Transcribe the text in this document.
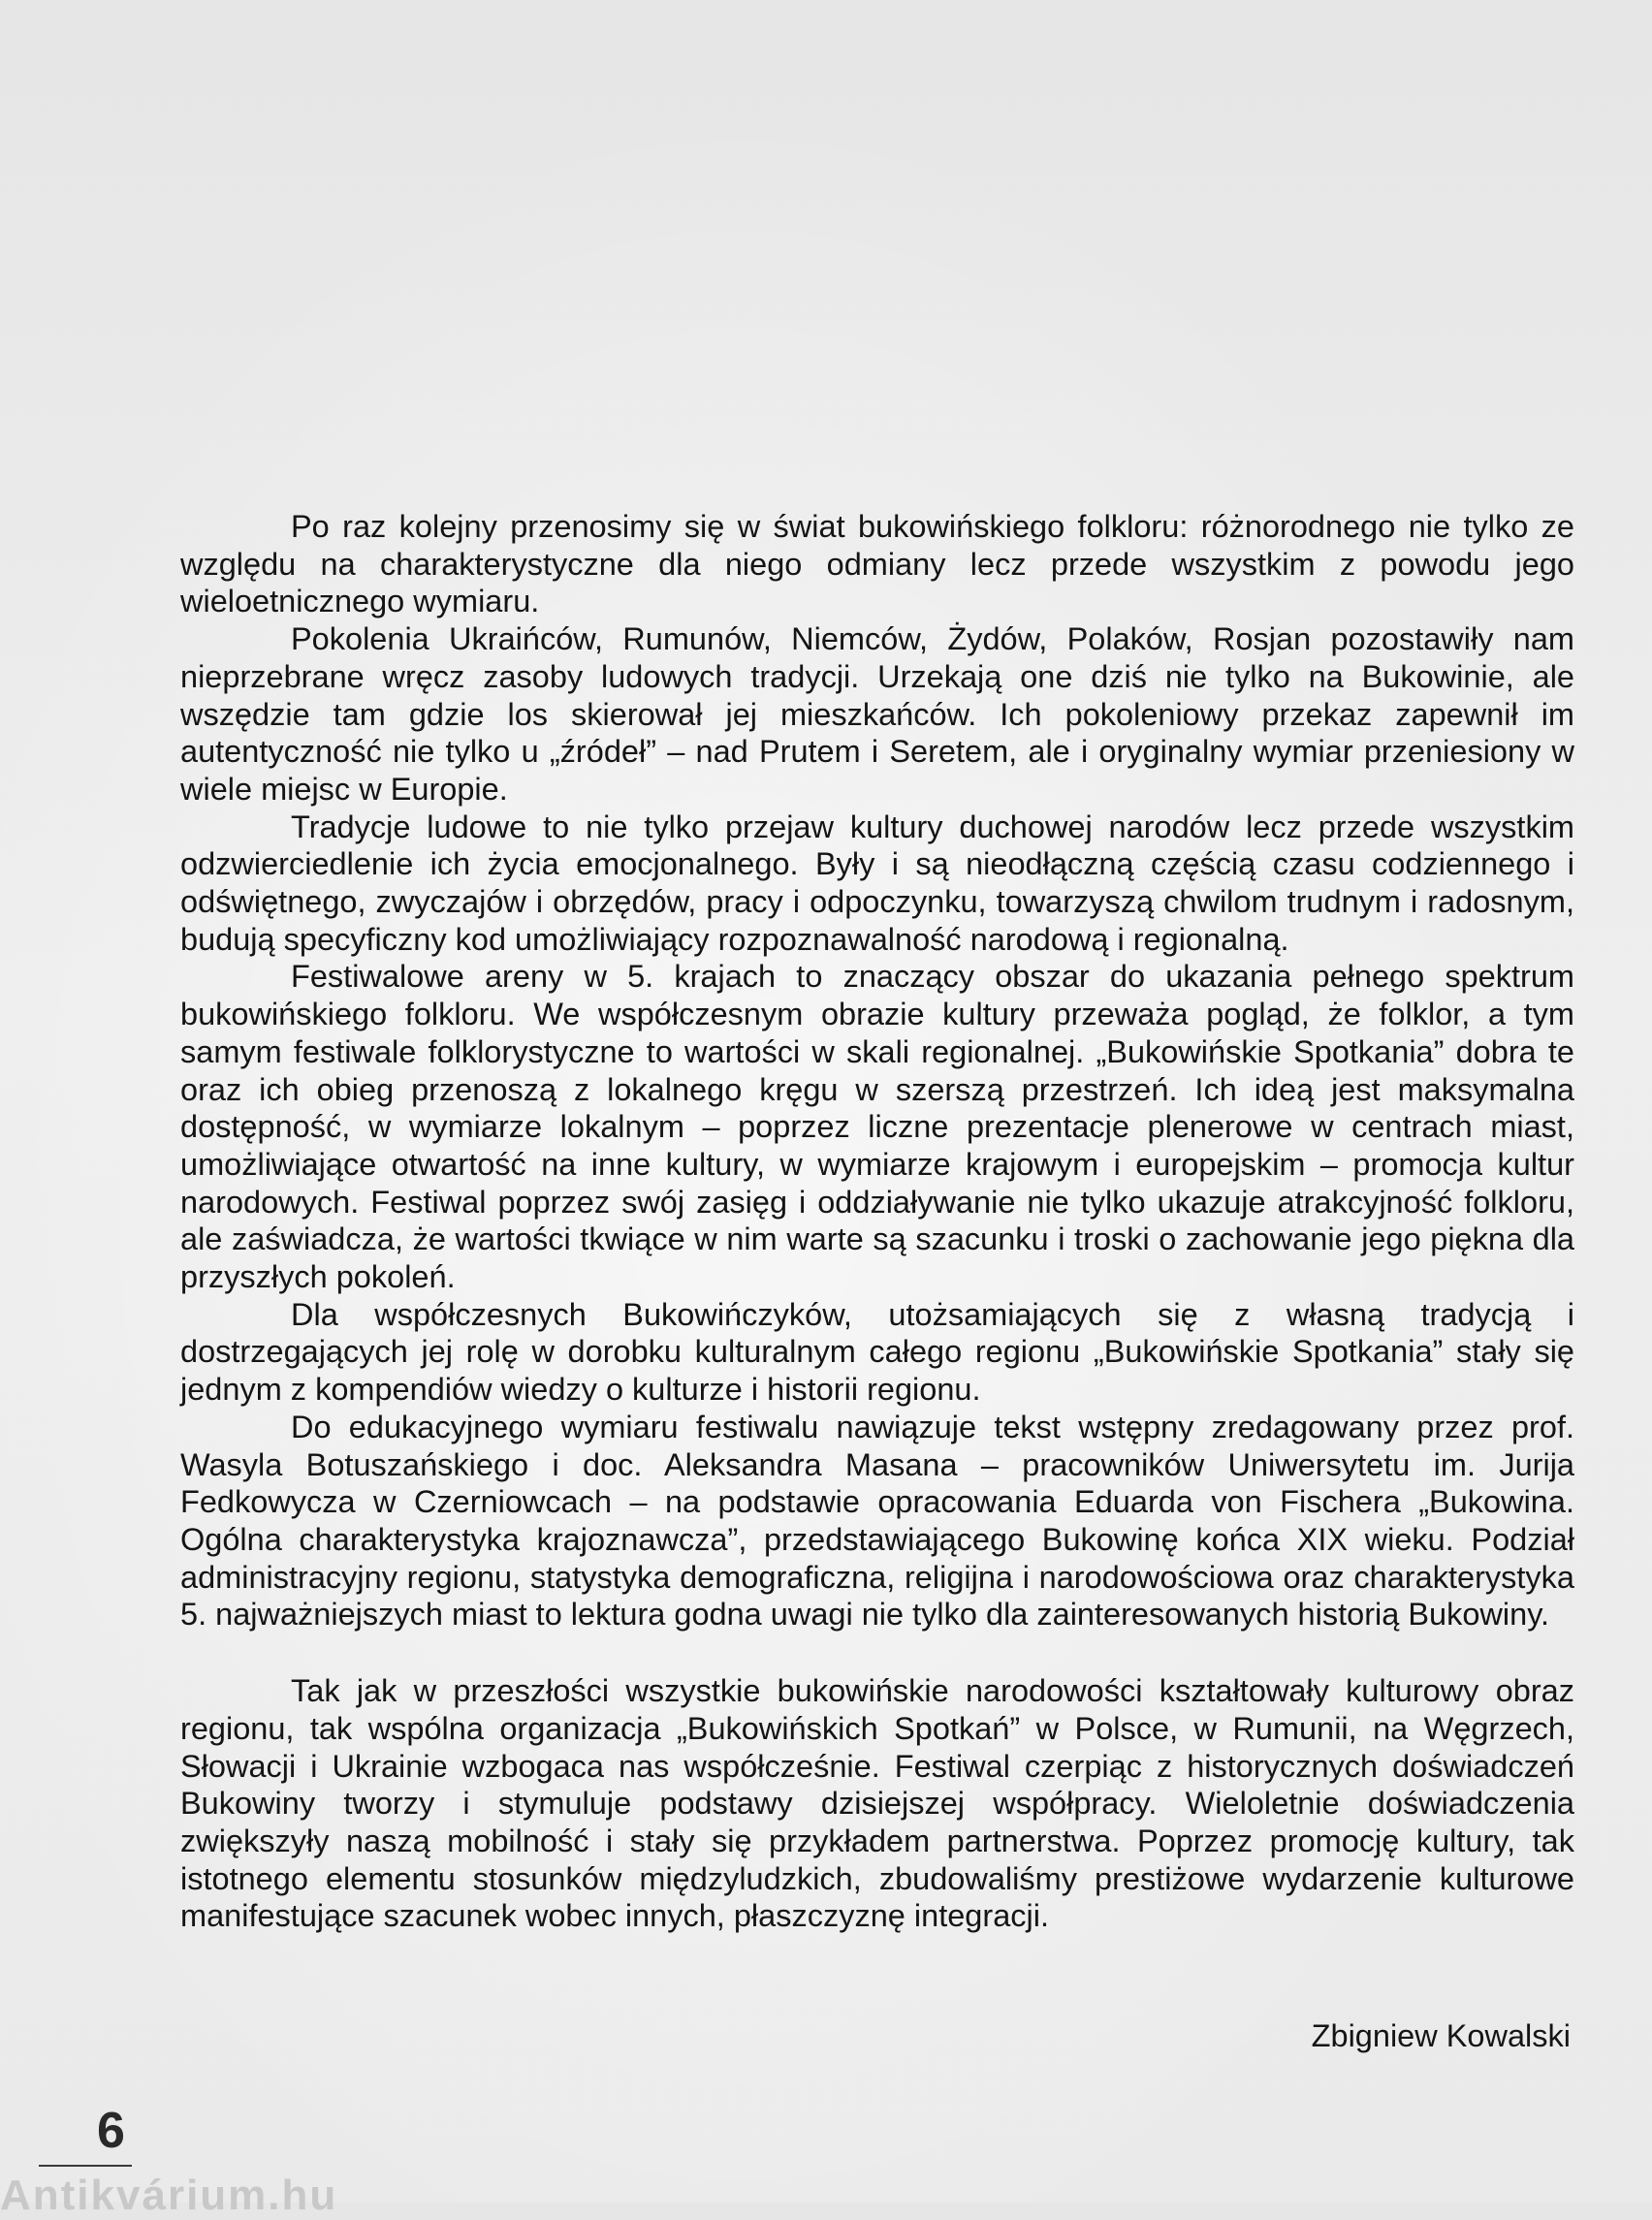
Po raz kolejny przenosimy się w świat bukowińskiego folkloru: różnorodnego nie tylko ze względu na charakterystyczne dla niego odmiany lecz przede wszystkim z powodu jego wieloetnicznego wymiaru.

Pokolenia Ukraińców, Rumunów, Niemców, Żydów, Polaków, Rosjan pozostawiły nam nieprzebrane wręcz zasoby ludowych tradycji. Urzekają one dziś nie tylko na Bukowinie, ale wszędzie tam gdzie los skierował jej mieszkańców. Ich pokoleniowy przekaz zapewnił im autentyczność nie tylko u „źródeł” – nad Prutem i Seretem, ale i oryginalny wymiar przeniesiony w wiele miejsc w Europie.

Tradycje ludowe to nie tylko przejaw kultury duchowej narodów lecz przede wszystkim odzwierciedlenie ich życia emocjonalnego. Były i są nieodłączną częścią czasu codziennego i odświętnego, zwyczajów i obrzędów, pracy i odpoczynku, towarzyszą chwilom trudnym i radosnym, budują specyficzny kod umożliwiający rozpoznawalność narodową i regionalną.

Festiwalowe areny w 5. krajach to znaczący obszar do ukazania pełnego spektrum bukowińskiego folkloru. We współczesnym obrazie kultury przeważa pogląd, że folklor, a tym samym festiwale folklorystyczne to wartości w skali regionalnej. „Bukowińskie Spotkania” dobra te oraz ich obieg przenoszą z lokalnego kręgu w szerszą przestrzeń. Ich ideą jest maksymalna dostępność, w wymiarze lokalnym – poprzez liczne prezentacje plenerowe w centrach miast, umożliwiające otwartość na inne kultury, w wymiarze krajowym i europejskim – promocja kultur narodowych. Festiwal poprzez swój zasięg i oddziaływanie nie tylko ukazuje atrakcyjność folkloru, ale zaświadcza, że wartości tkwiące w nim warte są szacunku i troski o zachowanie jego piękna dla przyszłych pokoleń.

Dla współczesnych Bukowińczyków, utożsamiających się z własną tradycją i dostrzegających jej rolę w dorobku kulturalnym całego regionu „Bukowińskie Spotkania” stały się jednym z kompendiów wiedzy o kulturze i historii regionu.

Do edukacyjnego wymiaru festiwalu nawiązuje tekst wstępny zredagowany przez prof. Wasyla Botuszańskiego i doc. Aleksandra Masana – pracowników Uniwersytetu im. Jurija Fedkowycza w Czerniowcach – na podstawie opracowania Eduarda von Fischera „Bukowina. Ogólna charakterystyka krajoznawcza”, przedstawiającego Bukowinę końca XIX wieku. Podział administracyjny regionu, statystyka demograficzna, religijna i narodowościowa oraz charakterystyka 5. najważniejszych miast to lektura godna uwagi nie tylko dla zainteresowanych historią Bukowiny.

Tak jak w przeszłości wszystkie bukowińskie narodowości kształtowały kulturowy obraz regionu, tak wspólna organizacja „Bukowińskich Spotkań” w Polsce, w Rumunii, na Węgrzech, Słowacji i Ukrainie wzbogaca nas współcześnie. Festiwal czerpiąc z historycznych doświadczeń Bukowiny tworzy i stymuluje podstawy dzisiejszej współpracy. Wieloletnie doświadczenia zwiększyły naszą mobilność i stały się przykładem partnerstwa. Poprzez promocję kultury, tak istotnego elementu stosunków międzyludzkich, zbudowaliśmy prestiżowe wydarzenie kulturowe manifestujące szacunek wobec innych, płaszczyznę integracji.

Zbigniew Kowalski
6
Antikvárium.hu
